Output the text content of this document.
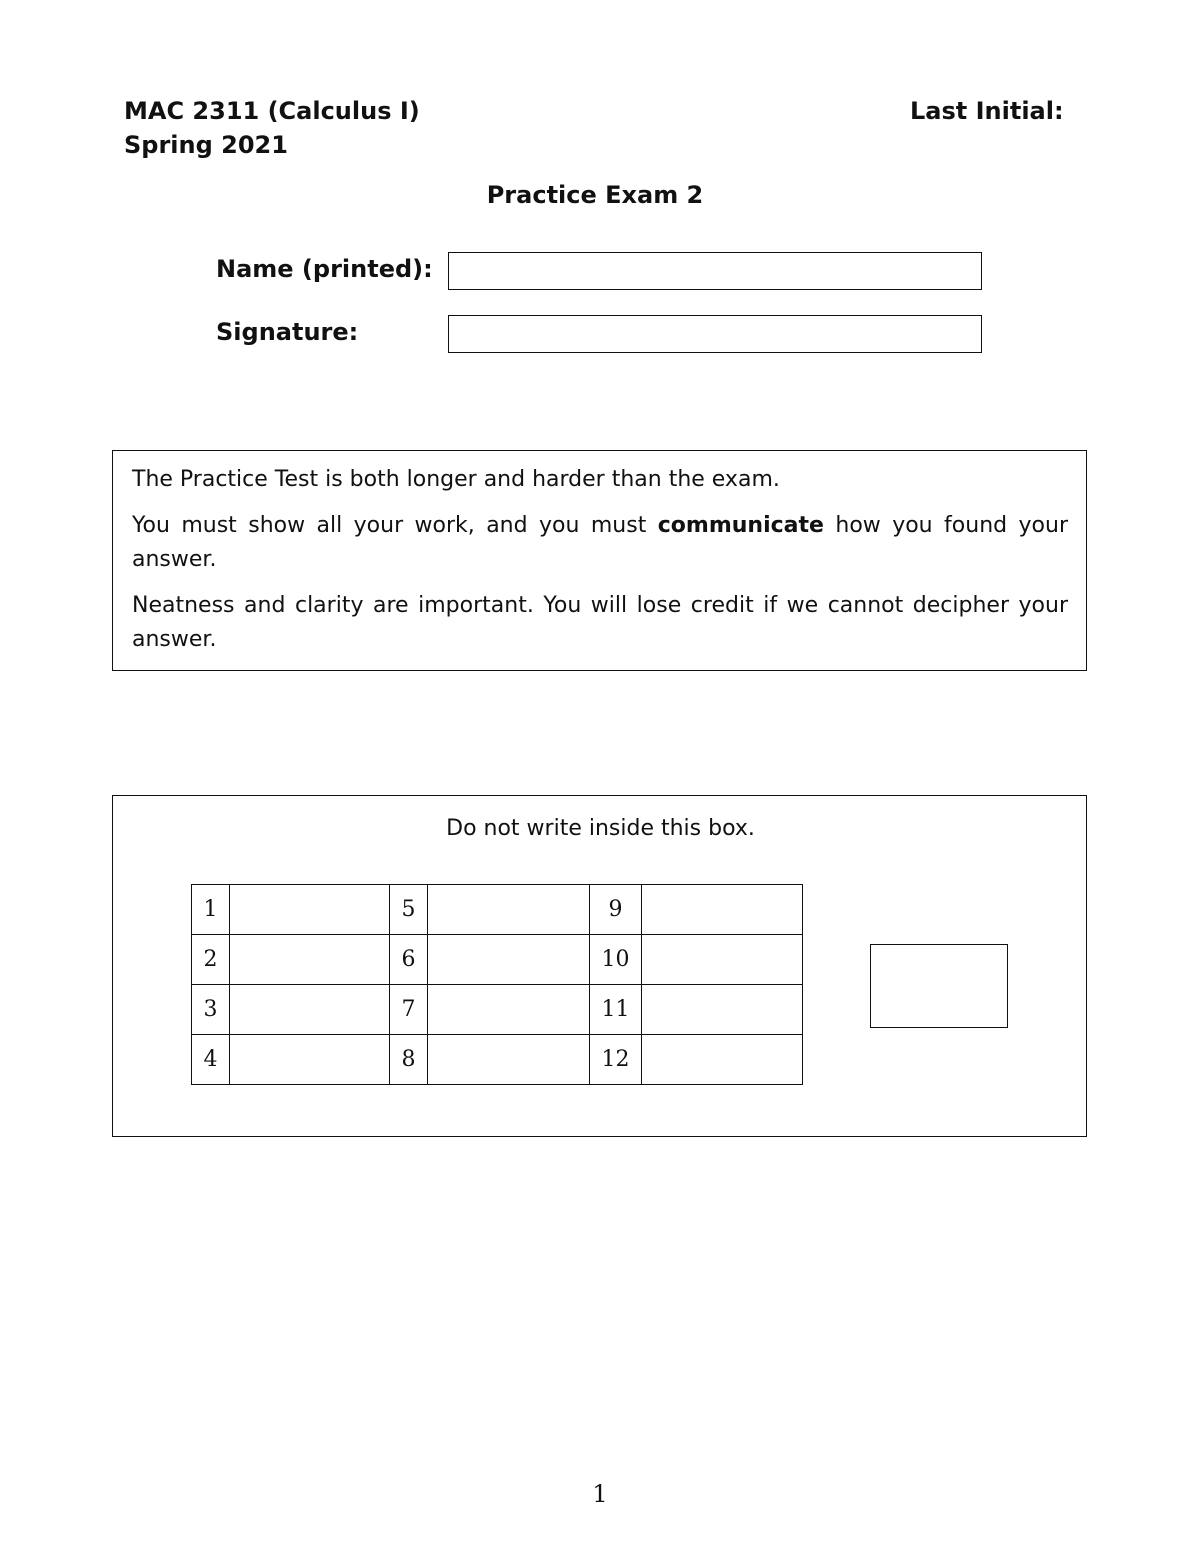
MAC 2311 (Calculus I)
Spring 2021
Last Initial:
Practice Exam 2
Name (printed):
Signature:

The Practice Test is both longer and harder than the exam.

You must show all your work, and you must communicate how you found your answer.

Neatness and clarity are important. You will lose credit if we cannot decipher your answer.

Do not write inside this box.
1		5		9	
2		6		10	
3		7		11	
4		8		12	
1
